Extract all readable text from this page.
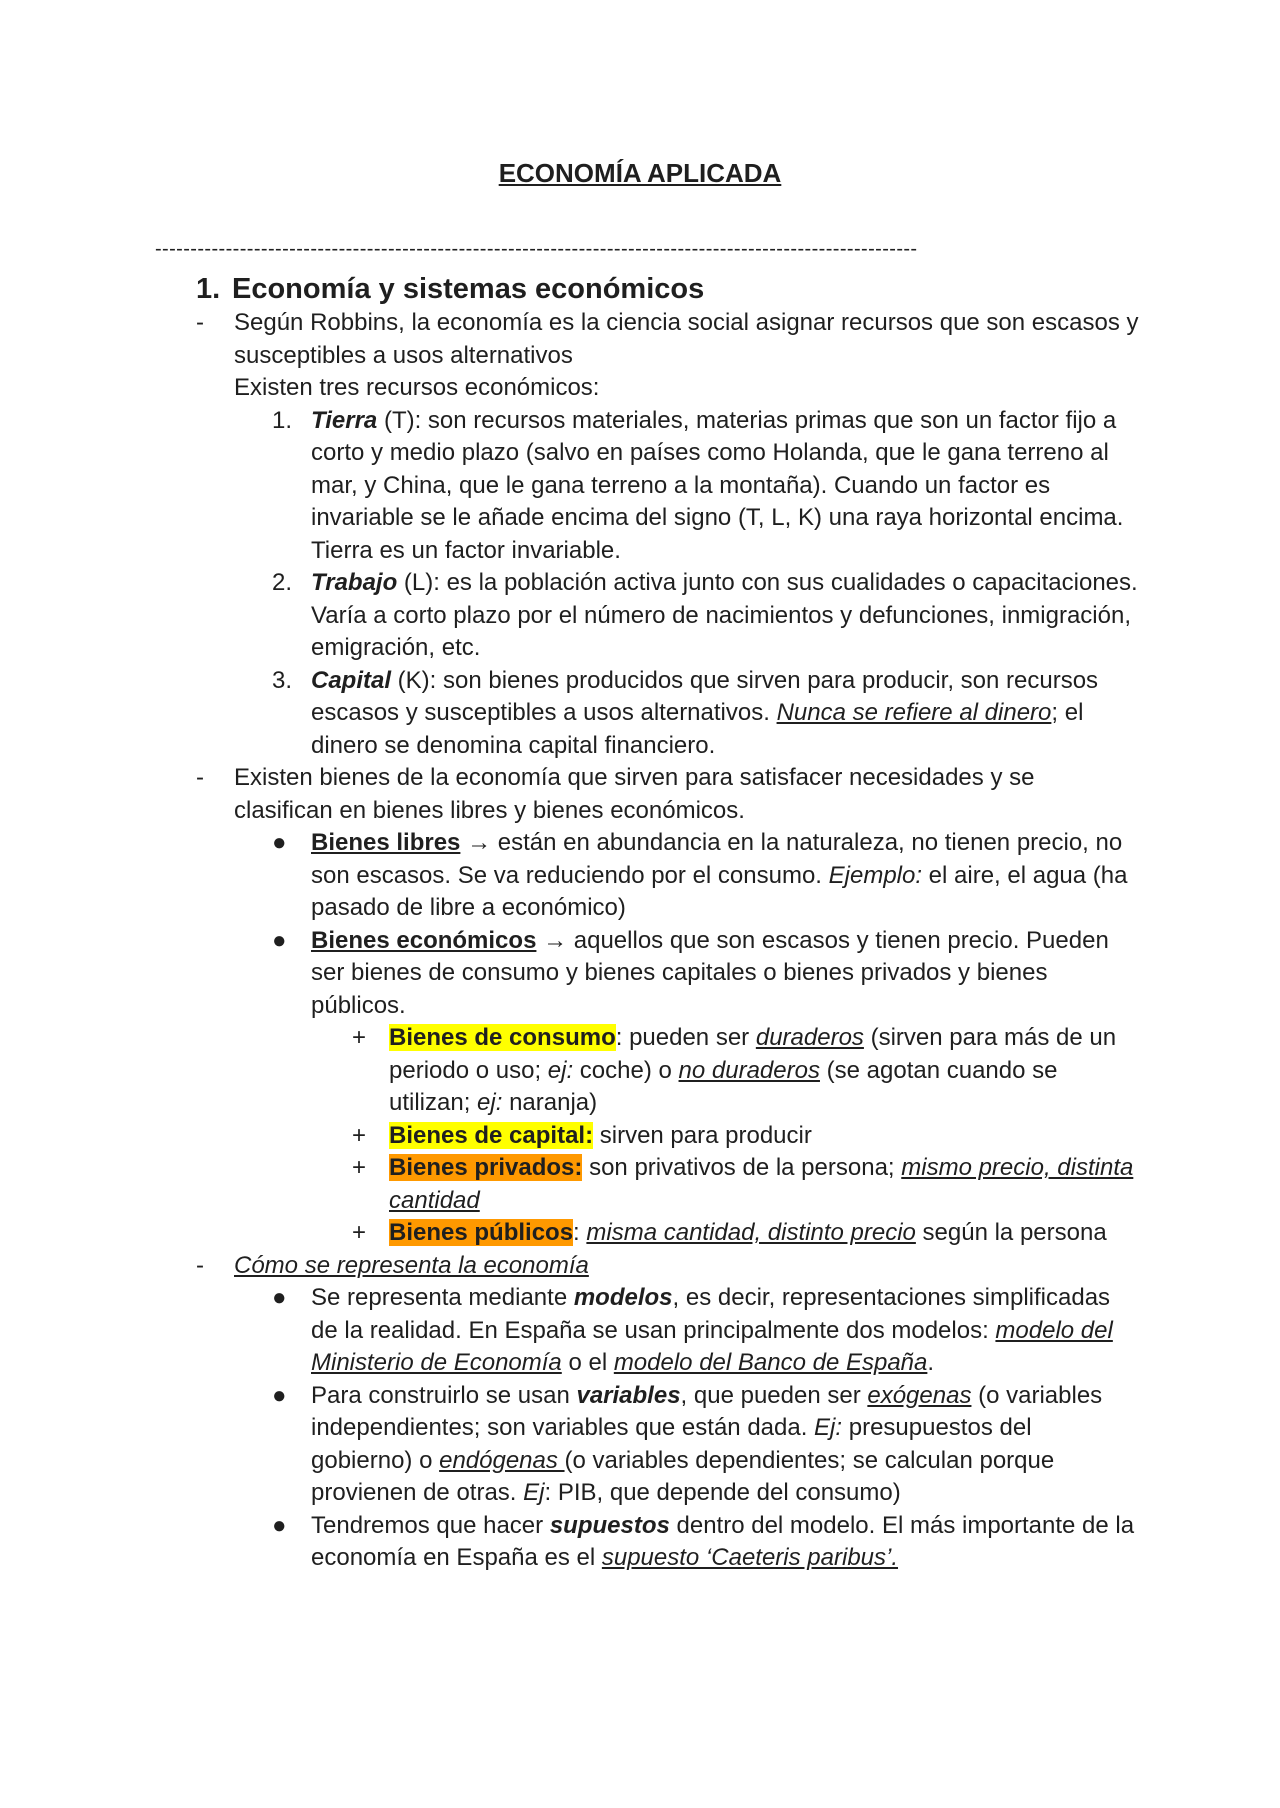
ECONOMÍA APLICADA
------------------------------------------------------------------------------------------------------------
1. Economía y sistemas económicos
- Según Robbins, la economía es la ciencia social asignar recursos que son escasos y susceptibles a usos alternativos
Existen tres recursos económicos:
1. Tierra (T): son recursos materiales, materias primas que son un factor fijo a corto y medio plazo (salvo en países como Holanda, que le gana terreno al mar, y China, que le gana terreno a la montaña). Cuando un factor es invariable se le añade encima del signo (T, L, K) una raya horizontal encima. Tierra es un factor invariable.
2. Trabajo (L): es la población activa junto con sus cualidades o capacitaciones. Varía a corto plazo por el número de nacimientos y defunciones, inmigración, emigración, etc.
3. Capital (K): son bienes producidos que sirven para producir, son recursos escasos y susceptibles a usos alternativos. Nunca se refiere al dinero; el dinero se denomina capital financiero.
- Existen bienes de la economía que sirven para satisfacer necesidades y se clasifican en bienes libres y bienes económicos.
● Bienes libres → están en abundancia en la naturaleza, no tienen precio, no son escasos. Se va reduciendo por el consumo. Ejemplo: el aire, el agua (ha pasado de libre a económico)
● Bienes económicos → aquellos que son escasos y tienen precio. Pueden ser bienes de consumo y bienes capitales o bienes privados y bienes públicos.
+ Bienes de consumo: pueden ser duraderos (sirven para más de un periodo o uso; ej: coche) o no duraderos (se agotan cuando se utilizan; ej: naranja)
+ Bienes de capital: sirven para producir
+ Bienes privados: son privativos de la persona; mismo precio, distinta cantidad
+ Bienes públicos: misma cantidad, distinto precio según la persona
- Cómo se representa la economía
● Se representa mediante modelos, es decir, representaciones simplificadas de la realidad. En España se usan principalmente dos modelos: modelo del Ministerio de Economía o el modelo del Banco de España.
● Para construirlo se usan variables, que pueden ser exógenas (o variables independientes; son variables que están dada. Ej: presupuestos del gobierno) o endógenas (o variables dependientes; se calculan porque provienen de otras. Ej: PIB, que depende del consumo)
● Tendremos que hacer supuestos dentro del modelo. El más importante de la economía en España es el supuesto ‘Caeteris paribus’.
